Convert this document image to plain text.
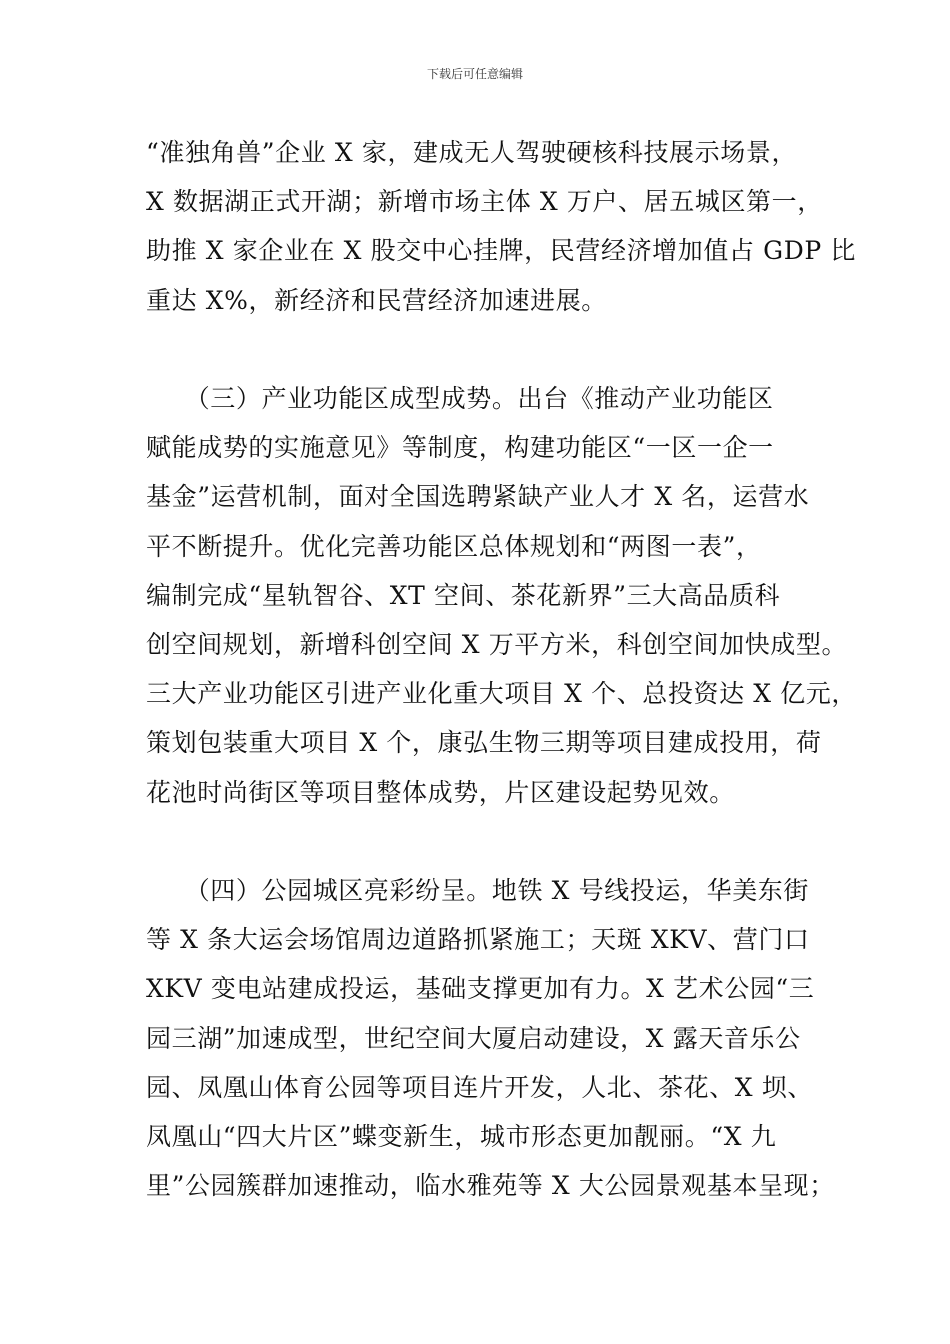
下载后可任意编辑

“准独角兽”企业 X 家，建成无人驾驶硬核科技展示场景，
X 数据湖正式开湖；新增市场主体 X 万户、居五城区第一，
助推 X 家企业在 X 股交中心挂牌，民营经济增加值占 GDP 比
重达 X%，新经济和民营经济加速进展。

　　（三）产业功能区成型成势。出台《推动产业功能区
赋能成势的实施意见》等制度，构建功能区“一区一企一
基金”运营机制，面对全国选聘紧缺产业人才 X 名，运营水
平不断提升。优化完善功能区总体规划和“两图一表”，
编制完成“星轨智谷、XT 空间、茶花新界”三大高品质科
创空间规划，新增科创空间 X 万平方米，科创空间加快成型。
三大产业功能区引进产业化重大项目 X 个、总投资达 X 亿元，
策划包装重大项目 X 个，康弘生物三期等项目建成投用，荷
花池时尚街区等项目整体成势，片区建设起势见效。

　　（四）公园城区亮彩纷呈。地铁 X 号线投运，华美东街
等 X 条大运会场馆周边道路抓紧施工；天斑 XKV、营门口
XKV 变电站建成投运，基础支撑更加有力。X 艺术公园“三
园三湖”加速成型，世纪空间大厦启动建设，X 露天音乐公
园、凤凰山体育公园等项目连片开发，人北、茶花、X 坝、
凤凰山“四大片区”蝶变新生，城市形态更加靓丽。“X 九
里”公园簇群加速推动，临水雅苑等 X 大公园景观基本呈现；
